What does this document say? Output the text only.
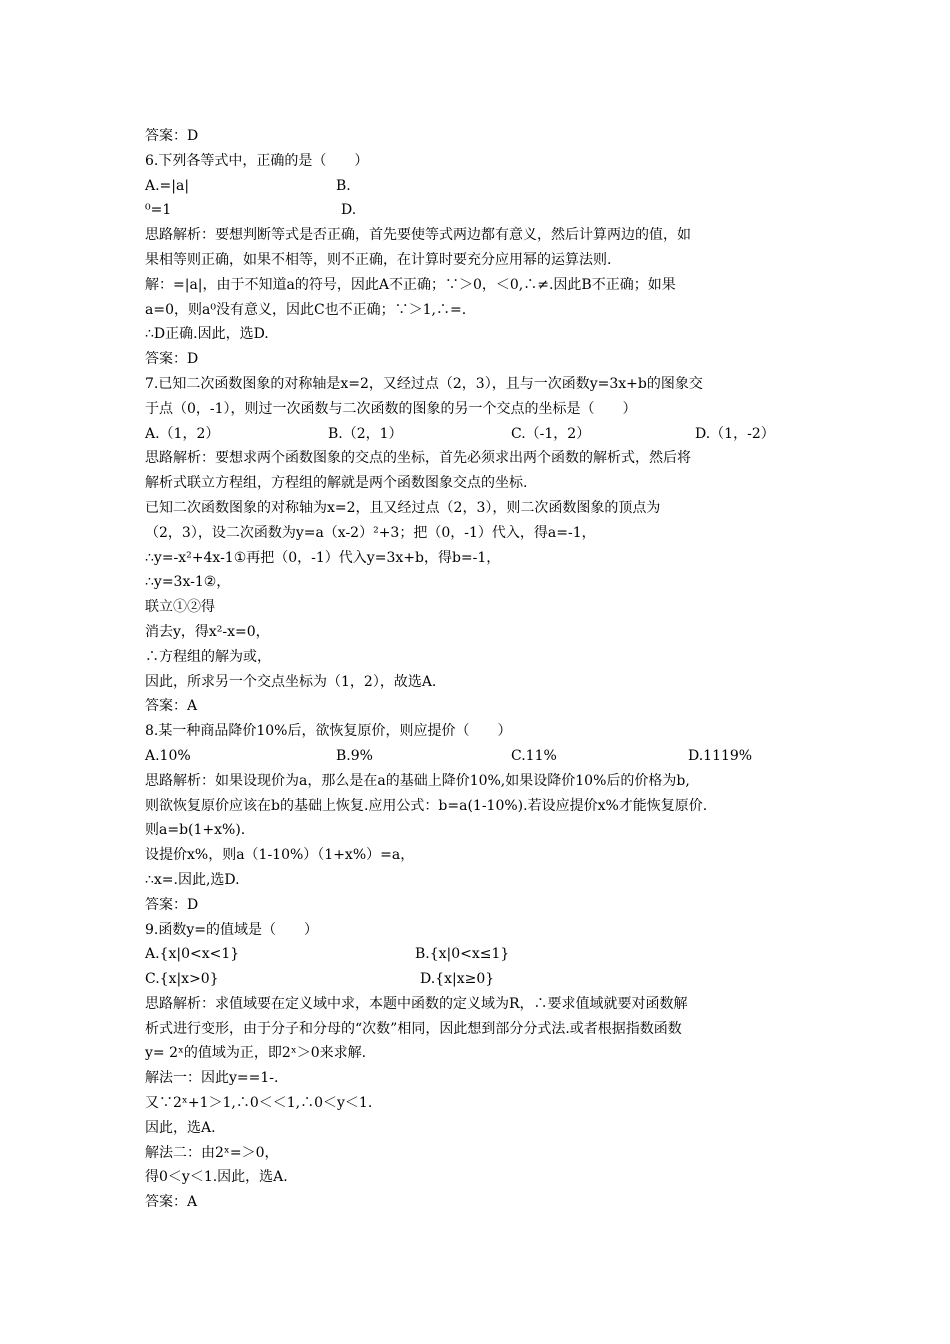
答案：D
6.下列各等式中，正确的是（　　）
A.=|a|	B.
⁰=1	D.
思路解析：要想判断等式是否正确，首先要使等式两边都有意义，然后计算两边的值，如
果相等则正确，如果不相等，则不正确，在计算时要充分应用幂的运算法则.
解：=|a|，由于不知道a的符号，因此A不正确；∵＞0，＜0,∴≠.因此B不正确；如果
a=0，则a⁰没有意义，因此C也不正确；∵＞1,∴=.
∴D正确.因此，选D.
答案：D
7.已知二次函数图象的对称轴是x=2，又经过点（2，3），且与一次函数y=3x+b的图象交
于点（0，-1），则过一次函数与二次函数的图象的另一个交点的坐标是（　　）
A.（1，2）	B.（2，1）	C.（-1，2）	D.（1，-2）
思路解析：要想求两个函数图象的交点的坐标，首先必须求出两个函数的解析式，然后将
解析式联立方程组，方程组的解就是两个函数图象交点的坐标.
已知二次函数图象的对称轴为x=2，且又经过点（2，3），则二次函数图象的顶点为
（2，3），设二次函数为y=a（x-2）²+3；把（0，-1）代入，得a=-1，
∴y=-x²+4x-1①再把（0，-1）代入y=3x+b，得b=-1，
∴y=3x-1②，
联立①②得
消去y，得x²-x=0，
∴方程组的解为或，
因此，所求另一个交点坐标为（1，2），故选A.
答案：A
8.某一种商品降价10%后，欲恢复原价，则应提价（　　）
A.10%	B.9%	C.11%	D.1119%
思路解析：如果设现价为a，那么是在a的基础上降价10%,如果设降价10%后的价格为b,
则欲恢复原价应该在b的基础上恢复.应用公式：b=a(1-10%).若设应提价x%才能恢复原价.
则a=b(1+x%).
设提价x%，则a（1-10%）（1+x%）=a，
∴x=.因此,选D.
答案：D
9.函数y=的值域是（　　）
A.{x|0<x<1}	B.{x|0<x≤1}
C.{x|x>0}	D.{x|x≥0}
思路解析：求值域要在定义域中求，本题中函数的定义域为R，∴要求值域就要对函数解
析式进行变形，由于分子和分母的“次数”相同，因此想到部分分式法.或者根据指数函数
y= 2ˣ的值域为正，即2ˣ＞0来求解.
解法一：因此y==1-.
又∵2ˣ+1＞1,∴0＜＜1,∴0＜y＜1.
因此，选A.
解法二：由2ˣ=＞0，
得0＜y＜1.因此，选A.
答案：A
